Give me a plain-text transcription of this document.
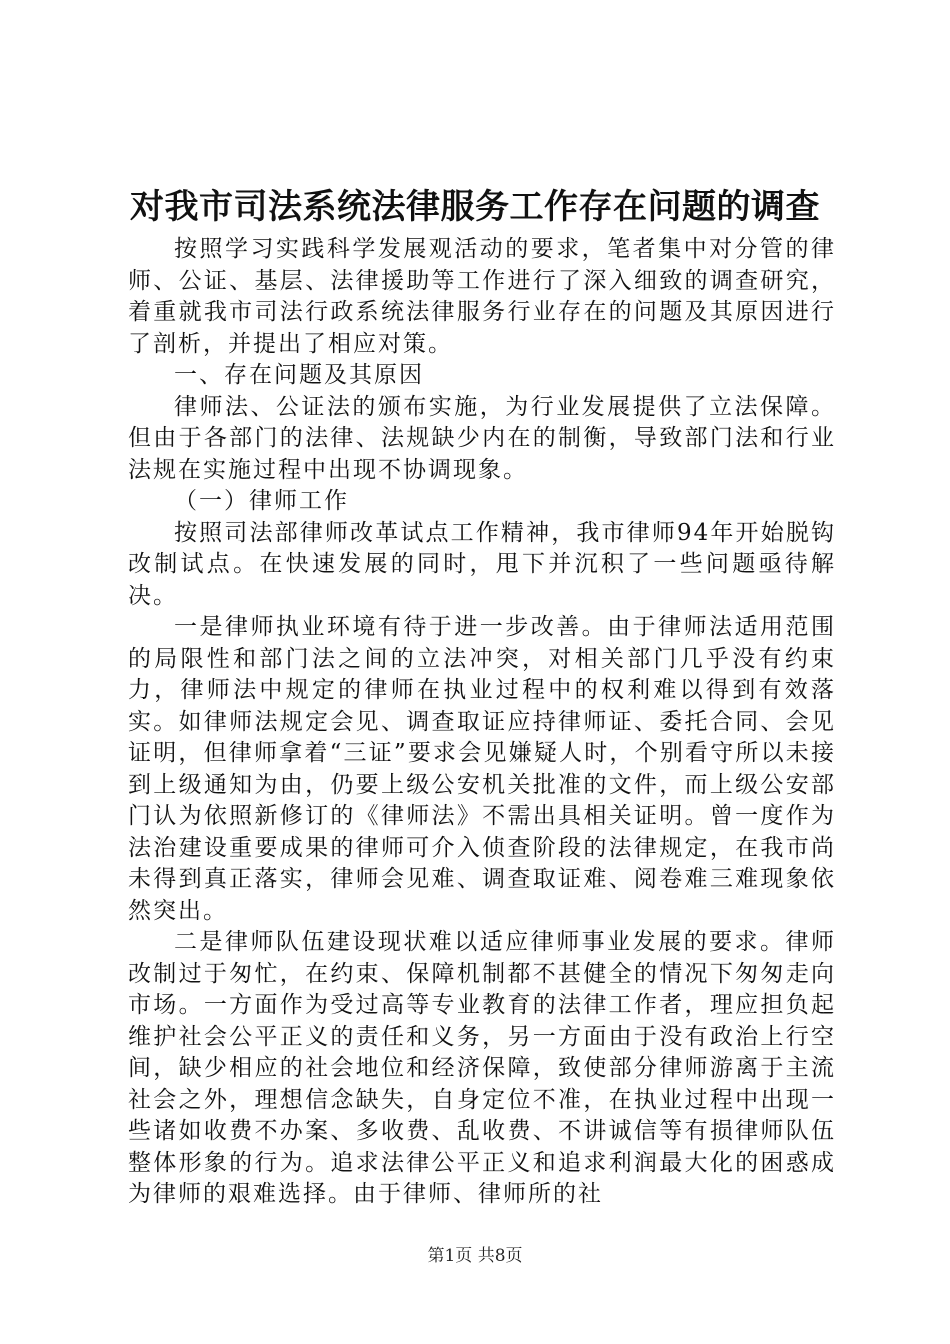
对我市司法系统法律服务工作存在问题的调查

按照学习实践科学发展观活动的要求，笔者集中对分管的律师、公证、基层、法律援助等工作进行了深入细致的调查研究，着重就我市司法行政系统法律服务行业存在的问题及其原因进行了剖析，并提出了相应对策。

一、存在问题及其原因

律师法、公证法的颁布实施，为行业发展提供了立法保障。但由于各部门的法律、法规缺少内在的制衡，导致部门法和行业法规在实施过程中出现不协调现象。

（一）律师工作

按照司法部律师改革试点工作精神，我市律师94年开始脱钩改制试点。在快速发展的同时，甩下并沉积了一些问题亟待解决。

一是律师执业环境有待于进一步改善。由于律师法适用范围的局限性和部门法之间的立法冲突，对相关部门几乎没有约束力，律师法中规定的律师在执业过程中的权利难以得到有效落实。如律师法规定会见、调查取证应持律师证、委托合同、会见证明，但律师拿着“三证”要求会见嫌疑人时，个别看守所以未接到上级通知为由，仍要上级公安机关批准的文件，而上级公安部门认为依照新修订的《律师法》不需出具相关证明。曾一度作为法治建设重要成果的律师可介入侦查阶段的法律规定，在我市尚未得到真正落实，律师会见难、调查取证难、阅卷难三难现象依然突出。

二是律师队伍建设现状难以适应律师事业发展的要求。律师改制过于匆忙，在约束、保障机制都不甚健全的情况下匆匆走向市场。一方面作为受过高等专业教育的法律工作者，理应担负起维护社会公平正义的责任和义务，另一方面由于没有政治上行空间，缺少相应的社会地位和经济保障，致使部分律师游离于主流社会之外，理想信念缺失，自身定位不准，在执业过程中出现一些诸如收费不办案、多收费、乱收费、不讲诚信等有损律师队伍整体形象的行为。追求法律公平正义和追求利润最大化的困惑成为律师的艰难选择。由于律师、律师所的社

第1页 共8页
